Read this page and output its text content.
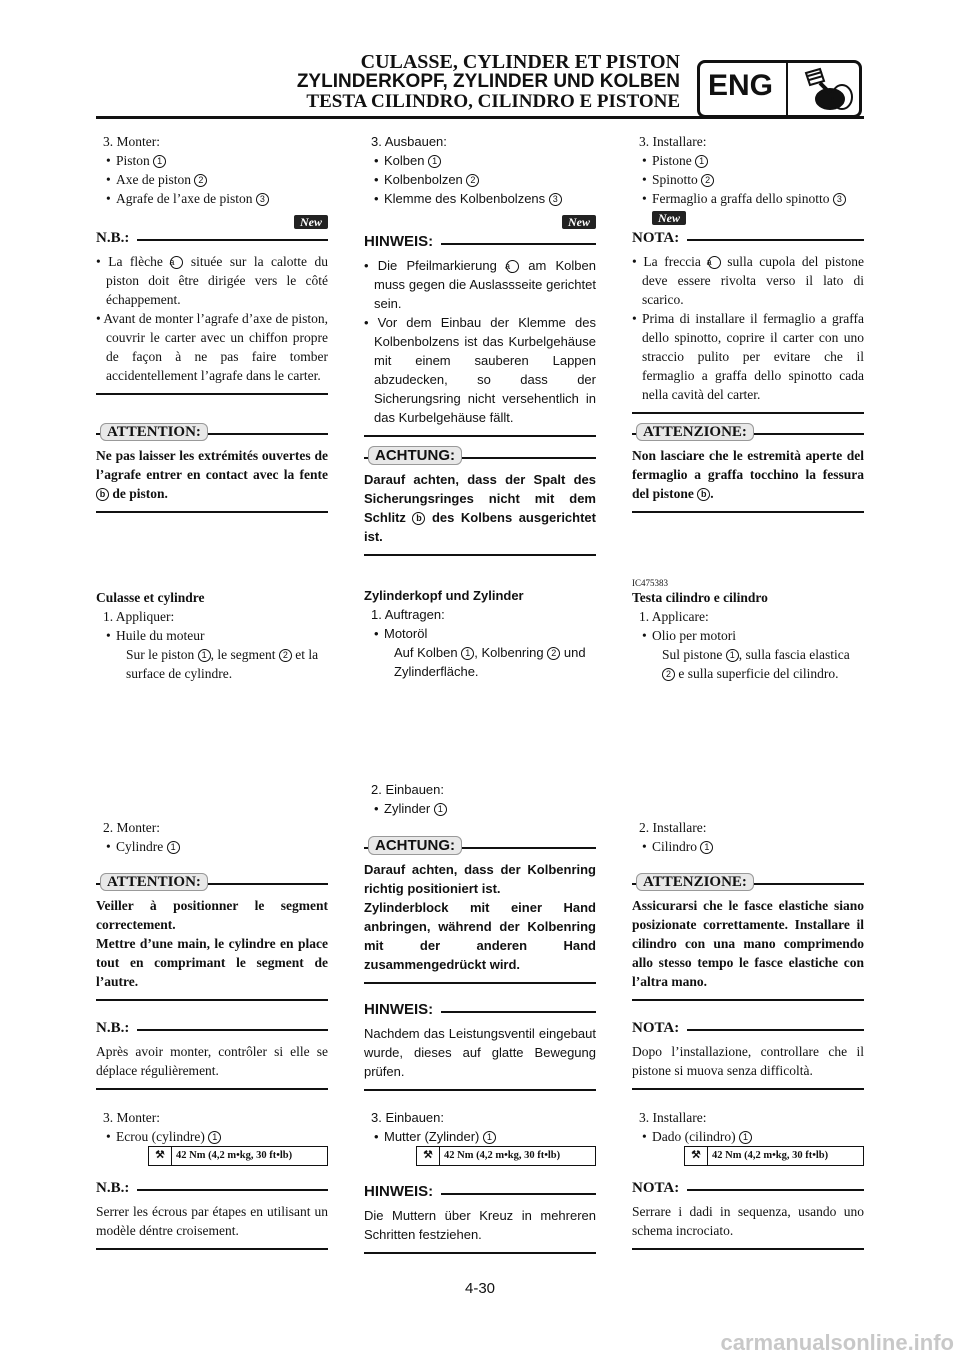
CULASSE, CYLINDER ET PISTON
ZYLINDERKOPF, ZYLINDER UND KOLBEN
TESTA CILINDRO, CILINDRO E PISTONE ENG
3. Monter:
• Piston 1
• Axe de piston 2
• Agrafe de l’axe de piston 3
New
N.B.:
• La flèche a située sur la calotte du piston doit être dirigée vers le côté échappement.
• Avant de monter l’agrafe d’axe de piston, couvrir le carter avec un chiffon propre de façon à ne pas faire tomber accidentellement l’agrafe dans le carter.
ATTENTION:
Ne pas laisser les extrémités ouvertes de l’agrafe entrer en contact avec la fente b de piston.
Culasse et cylindre
1. Appliquer:
• Huile du moteur
Sur le piston 1 , le segment 2 et la surface de cylindre.
2. Monter:
• Cylindre 1
ATTENTION:
Veiller à positionner le segment correctement.
Mettre d’une main, le cylindre en place tout en comprimant le segment de l’autre.
N.B.:
Après avoir monter, contrôler si elle se déplace régulièrement.
3. Monter:
• Ecrou (cylindre) 1
⚒	42 Nm (4,2 m•kg, 30 ft•lb)
N.B.:
Serrer les écrous par étapes en utilisant un modèle déntre croisement.
3. Ausbauen:
• Kolben 1
• Kolbenbolzen 2
• Klemme des Kolbenbolzens 3
New
HINWEIS:
• Die Pfeilmarkierung a am Kolben muss gegen die Auslassseite gerichtet sein.
• Vor dem Einbau der Klemme des Kolbenbolzens ist das Kurbelgehäuse mit einem sauberen Lappen abzudecken, so dass der Sicherungsring nicht versehentlich in das Kurbelgehäuse fällt.
ACHTUNG:
Darauf achten, dass der Spalt des Sicherungsringes nicht mit dem Schlitz b des Kolbens ausgerichtet ist.
Zylinderkopf und Zylinder
1. Auftragen:
• Motoröl
Auf Kolben 1 , Kolbenring 2 und Zylinderfläche.
2. Einbauen:
• Zylinder 1
ACHTUNG:
Darauf achten, dass der Kolbenring richtig positioniert ist.
Zylinderblock mit einer Hand anbringen, während der Kolbenring mit der anderen Hand zusammengedrückt wird.
HINWEIS:
Nachdem das Leistungsventil eingebaut wurde, dieses auf glatte Bewegung prüfen.
3. Einbauen:
• Mutter (Zylinder) 1
⚒	42 Nm (4,2 m•kg, 30 ft•lb)
HINWEIS:
Die Muttern über Kreuz in mehreren Schritten festziehen.
3. Installare:
• Pistone 1
• Spinotto 2
• Fermaglio a graffa dello spinotto 3 New
NOTA:
• La freccia a sulla cupola del pistone deve essere rivolta verso il lato di scarico.
• Prima di installare il fermaglio a graffa dello spinotto, coprire il carter con uno straccio pulito per evitare che il fermaglio a graffa dello spinotto cada nella cavità del carter.
ATTENZIONE:
Non lasciare che le estremità aperte del fermaglio a graffa tocchino la fessura del pistone b .
IC475383
Testa cilindro e cilindro
1. Applicare:
• Olio per motori
Sul pistone 1 , sulla fascia elastica 2 e sulla superficie del cilindro.
2. Installare:
• Cilindro 1
ATTENZIONE:
Assicurarsi che le fasce elastiche siano posizionate correttamente. Installare il cilindro con una mano comprimendo allo stesso tempo le fasce elastiche con l’altra mano.
NOTA:
Dopo l’installazione, controllare che il pistone si muova senza difficoltà.
3. Installare:
• Dado (cilindro) 1
⚒	42 Nm (4,2 m•kg, 30 ft•lb)
NOTA:
Serrare i dadi in sequenza, usando uno schema incrociato.
4-30
carmanualsonline.info
